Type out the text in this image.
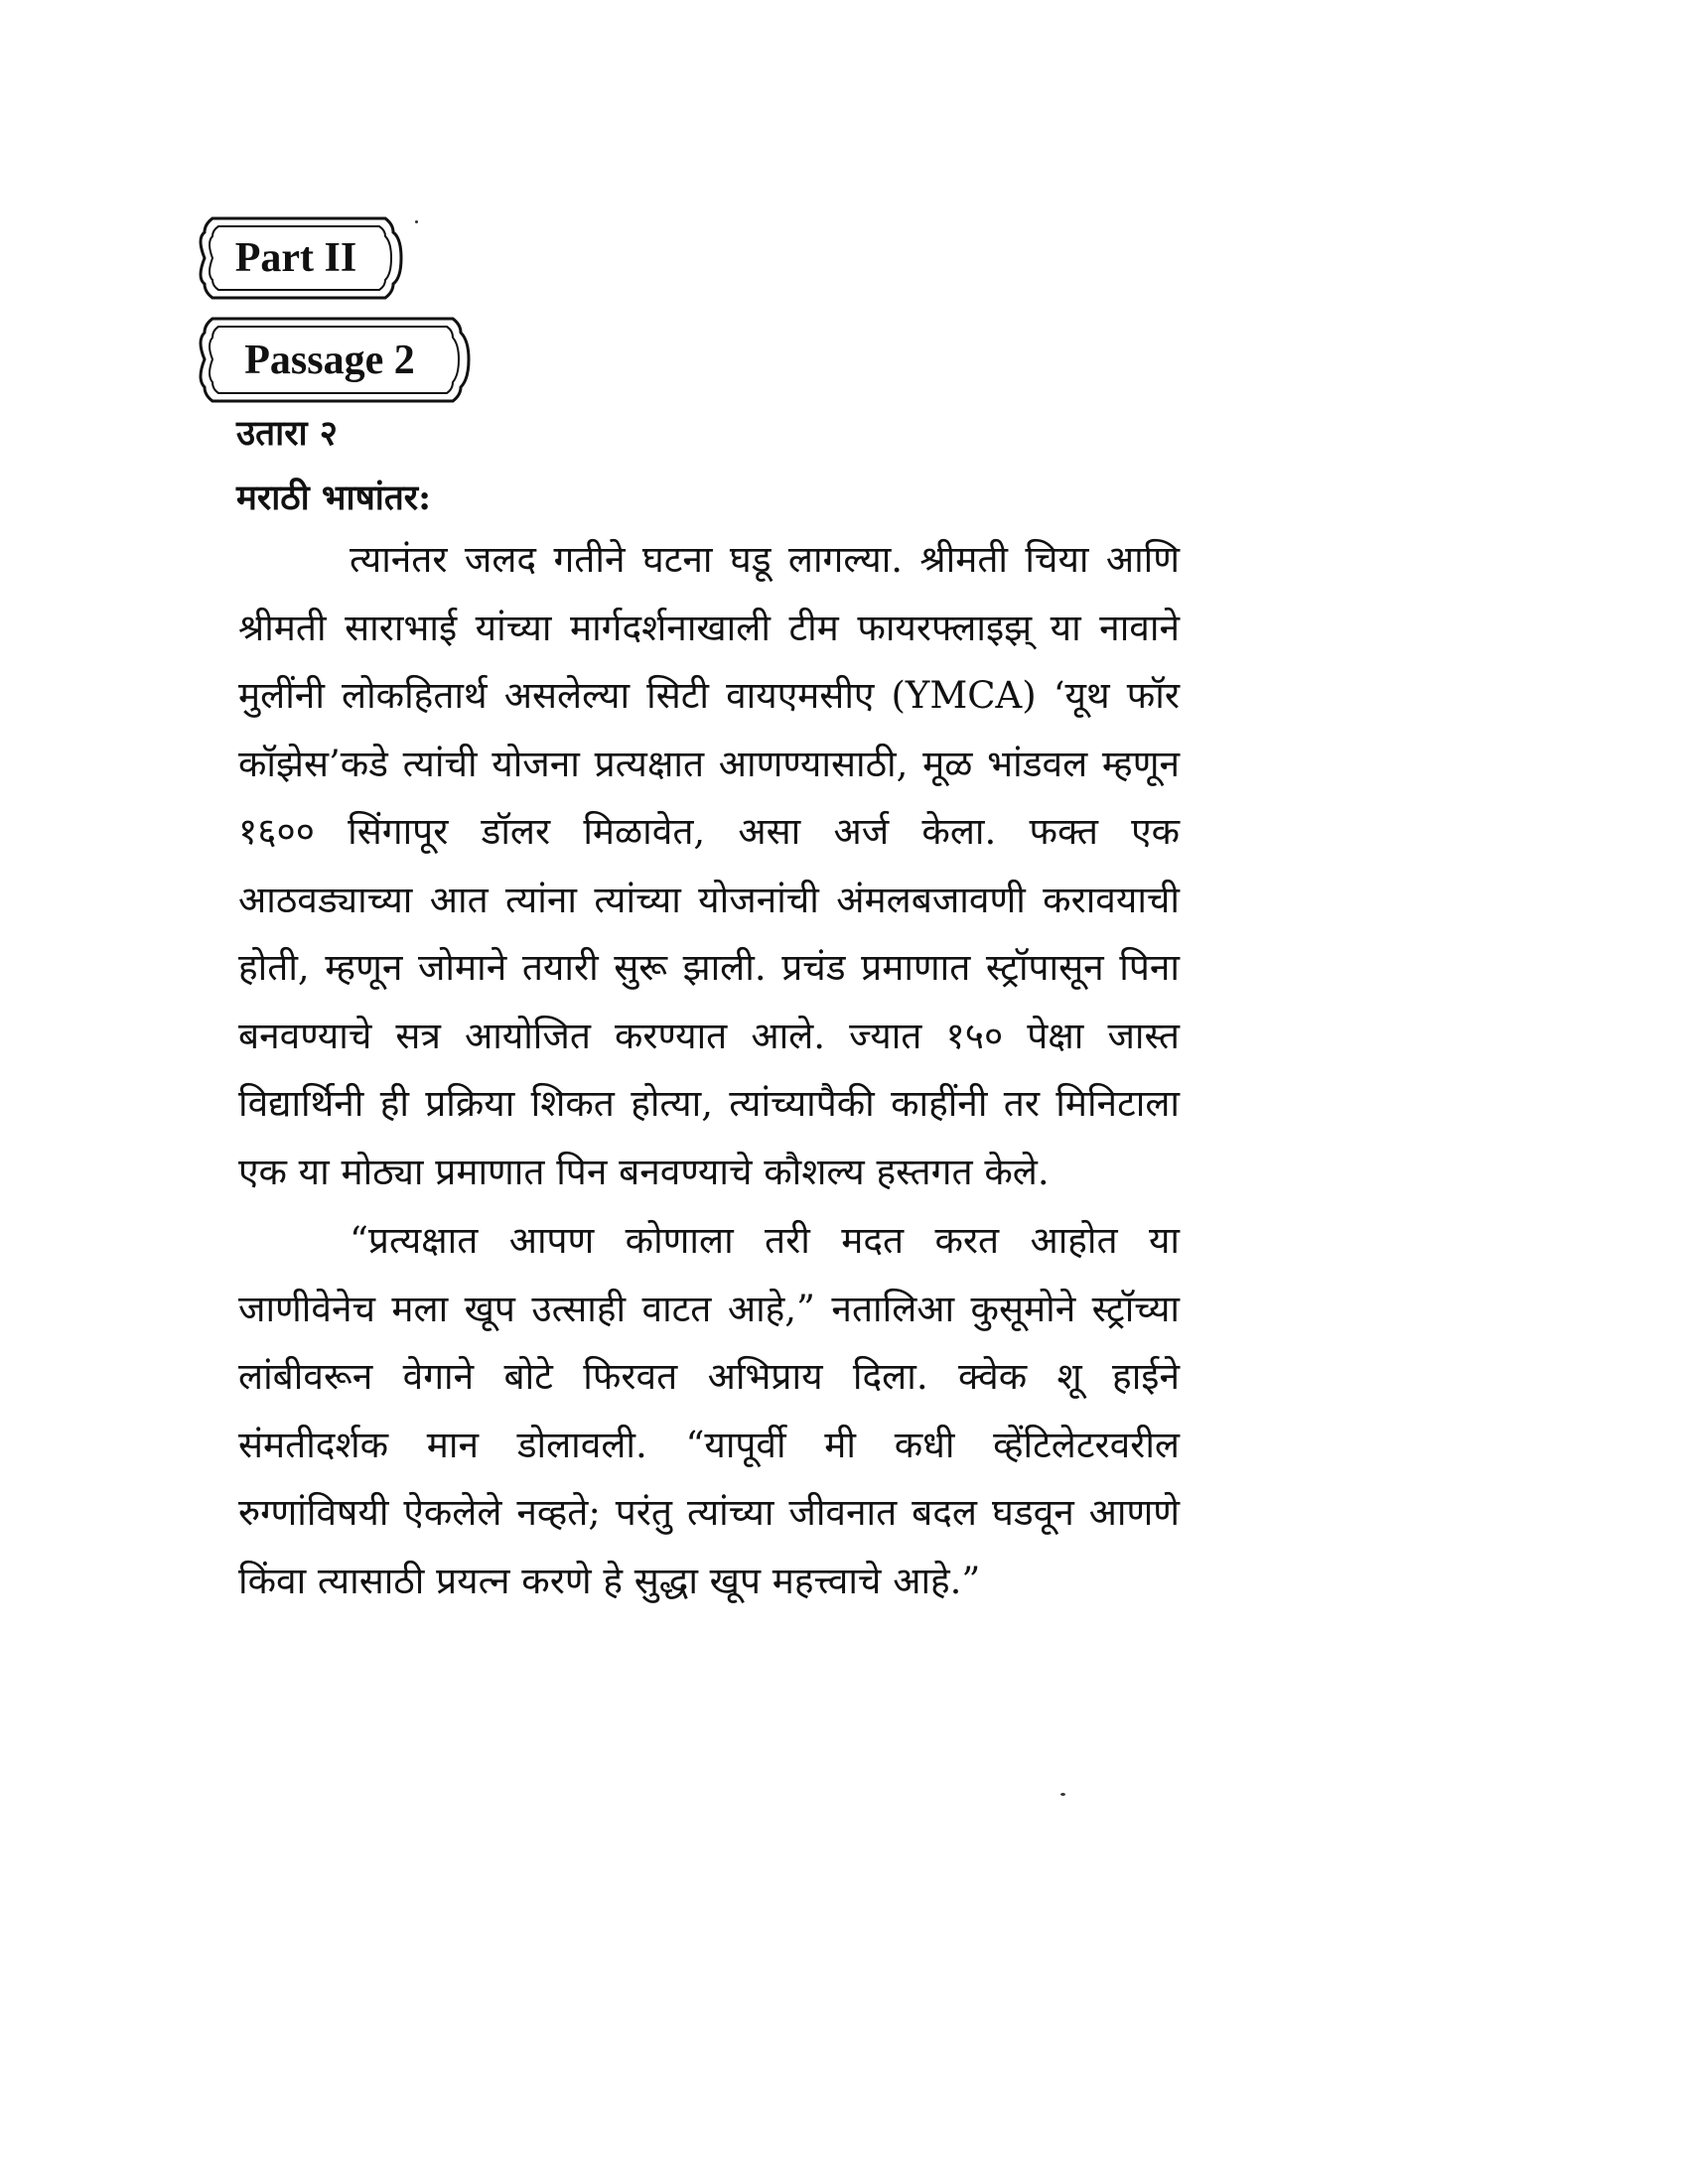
Part II
Passage 2
उतारा २
मराठी भाषांतर:

त्यानंतर जलद गतीने घटना घडू लागल्या. श्रीमती चिया आणि श्रीमती साराभाई यांच्या मार्गदर्शनाखाली टीम फायरफ्लाइझ् या नावाने मुलींनी लोकहितार्थ असलेल्या सिटी वायएमसीए (YMCA) ‘यूथ फॉर कॉझेस’कडे त्यांची योजना प्रत्यक्षात आणण्यासाठी, मूळ भांडवल म्हणून १६०० सिंगापूर डॉलर मिळावेत, असा अर्ज केला. फक्त एक आठवड्याच्या आत त्यांना त्यांच्या योजनांची अंमलबजावणी करावयाची होती, म्हणून जोमाने तयारी सुरू झाली. प्रचंड प्रमाणात स्ट्रॉपासून पिना बनवण्याचे सत्र आयोजित करण्यात आले. ज्यात १५० पेक्षा जास्त विद्यार्थिनी ही प्रक्रिया शिकत होत्या, त्यांच्यापैकी काहींनी तर मिनिटाला एक या मोठ्या प्रमाणात पिन बनवण्याचे कौशल्य हस्तगत केले.

“प्रत्यक्षात आपण कोणाला तरी मदत करत आहोत या जाणीवेनेच मला खूप उत्साही वाटत आहे,” नतालिआ कुसूमोने स्ट्रॉच्या लांबीवरून वेगाने बोटे फिरवत अभिप्राय दिला. क्वेक शू हाईने संमतीदर्शक मान डोलावली. “यापूर्वी मी कधी व्हेंटिलेटरवरील रुग्णांविषयी ऐकलेले नव्हते; परंतु त्यांच्या जीवनात बदल घडवून आणणे किंवा त्यासाठी प्रयत्न करणे हे सुद्धा खूप महत्त्वाचे आहे.”
